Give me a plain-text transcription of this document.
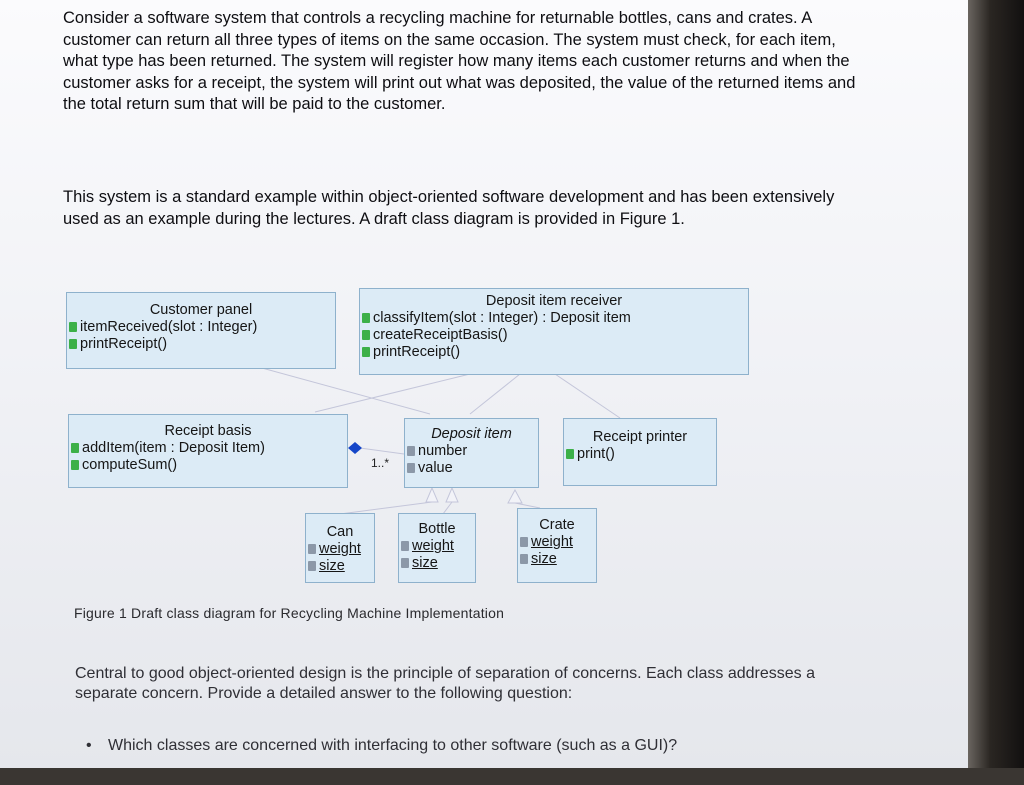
Consider a software system that controls a recycling machine for returnable bottles, cans and crates. A customer can return all three types of items on the same occasion. The system must check, for each item, what type has been returned. The system will register how many items each customer returns and when the customer asks for a receipt, the system will print out what was deposited, the value of the returned items and the total return sum that will be paid to the customer.

This system is a standard example within object-oriented software development and has been extensively used as an example during the lectures. A draft class diagram is provided in Figure 1.

Customer panel
itemReceived(slot : Integer)
printReceipt()
Deposit item receiver
classifyItem(slot : Integer) : Deposit item
createReceiptBasis()
printReceipt()
Receipt basis
addItem(item : Deposit Item)
computeSum()
Deposit item
number
value
Receipt printer
print()
Can
weight
size
Bottle
weight
size
Crate
weight
size
1..*
Figure 1 Draft class diagram for Recycling Machine Implementation

Central to good object-oriented design is the principle of separation of concerns. Each class addresses a separate concern. Provide a detailed answer to the following question:

• Which classes are concerned with interfacing to other software (such as a GUI)?
